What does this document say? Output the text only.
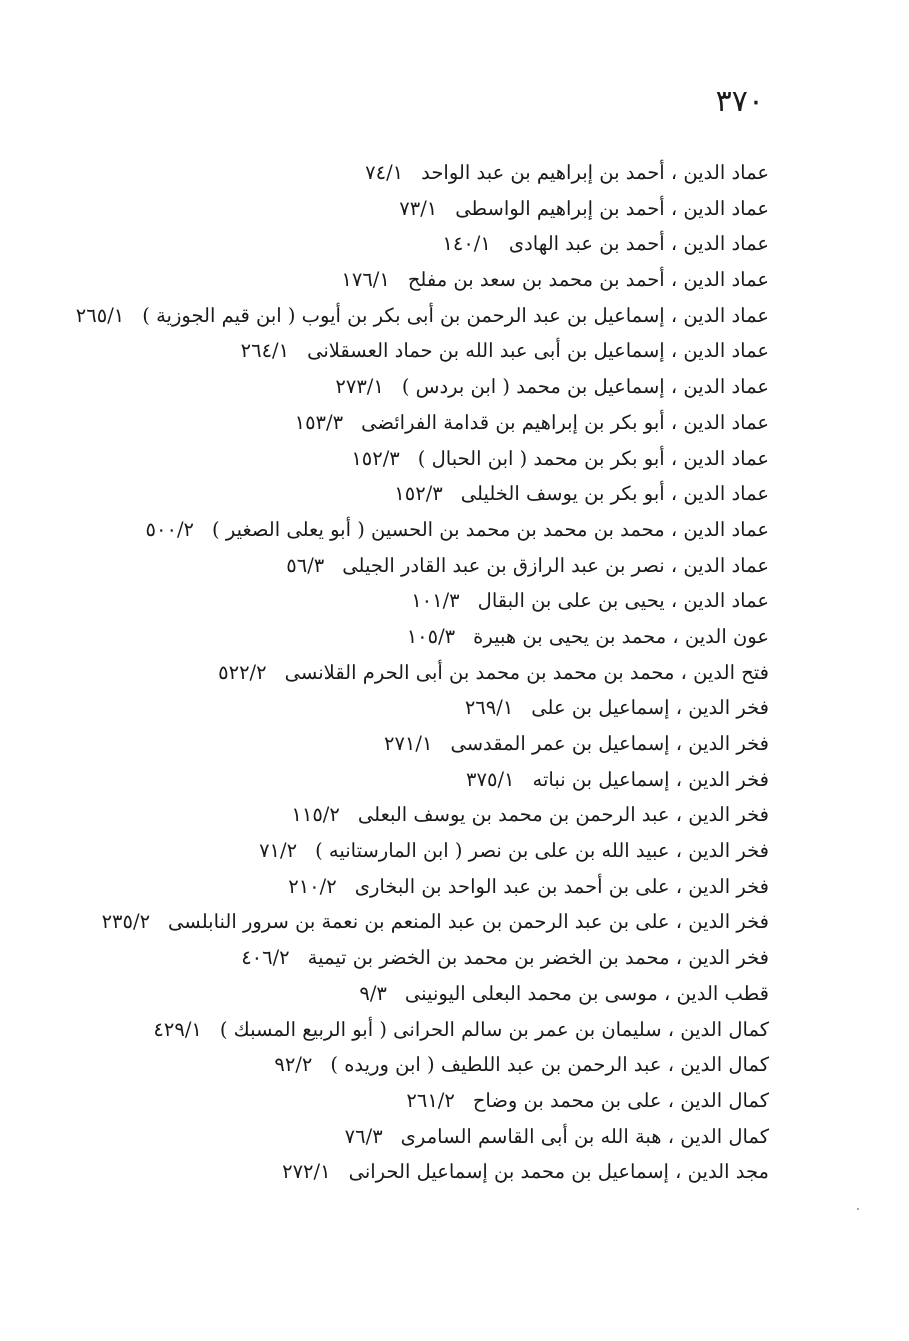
٣٧٠
عماد الدين ، أحمد بن إبراهيم بن عبد الواحد٧٤/١
عماد الدين ، أحمد بن إبراهيم الواسطى٧٣/١
عماد الدين ، أحمد بن عبد الهادى١٤٠/١
عماد الدين ، أحمد بن محمد بن سعد بن مفلح١٧٦/١
عماد الدين ، إسماعيل بن عبد الرحمن بن أبى بكر بن أيوب ( ابن قيم الجوزية )٢٦٥/١
عماد الدين ، إسماعيل بن أبى عبد الله بن حماد العسقلانى٢٦٤/١
عماد الدين ، إسماعيل بن محمد ( ابن بردس )٢٧٣/١
عماد الدين ، أبو بكر بن إبراهيم بن قدامة الفرائضى١٥٣/٣
عماد الدين ، أبو بكر بن محمد ( ابن الحبال )١٥٢/٣
عماد الدين ، أبو بكر بن يوسف الخليلى١٥٢/٣
عماد الدين ، محمد بن محمد بن محمد بن الحسين ( أبو يعلى الصغير )٥٠٠/٢
عماد الدين ، نصر بن عبد الرازق بن عبد القادر الجيلى٥٦/٣
عماد الدين ، يحيى بن على بن البقال١٠١/٣
عون الدين ، محمد بن يحيى بن هبيرة١٠٥/٣
فتح الدين ، محمد بن محمد بن محمد بن أبى الحرم القلانسى٥٢٢/٢
فخر الدين ، إسماعيل بن على٢٦٩/١
فخر الدين ، إسماعيل بن عمر المقدسى٢٧١/١
فخر الدين ، إسماعيل بن نباته٣٧٥/١
فخر الدين ، عبد الرحمن بن محمد بن يوسف البعلى١١٥/٢
فخر الدين ، عبيد الله بن على بن نصر ( ابن المارستانيه )٧١/٢
فخر الدين ، على بن أحمد بن عبد الواحد بن البخارى٢١٠/٢
فخر الدين ، على بن عبد الرحمن بن عبد المنعم بن نعمة بن سرور النابلسى٢٣٥/٢
فخر الدين ، محمد بن الخضر بن محمد بن الخضر بن تيمية٤٠٦/٢
قطب الدين ، موسى بن محمد البعلى اليونينى٩/٣
كمال الدين ، سليمان بن عمر بن سالم الحرانى ( أبو الربيع المسبك )٤٢٩/١
كمال الدين ، عبد الرحمن بن عبد اللطيف ( ابن وريده )٩٢/٢
كمال الدين ، على بن محمد بن وضاح٢٦١/٢
كمال الدين ، هبة الله بن أبى القاسم السامرى٧٦/٣
مجد الدين ، إسماعيل بن محمد بن إسماعيل الحرانى٢٧٢/١
